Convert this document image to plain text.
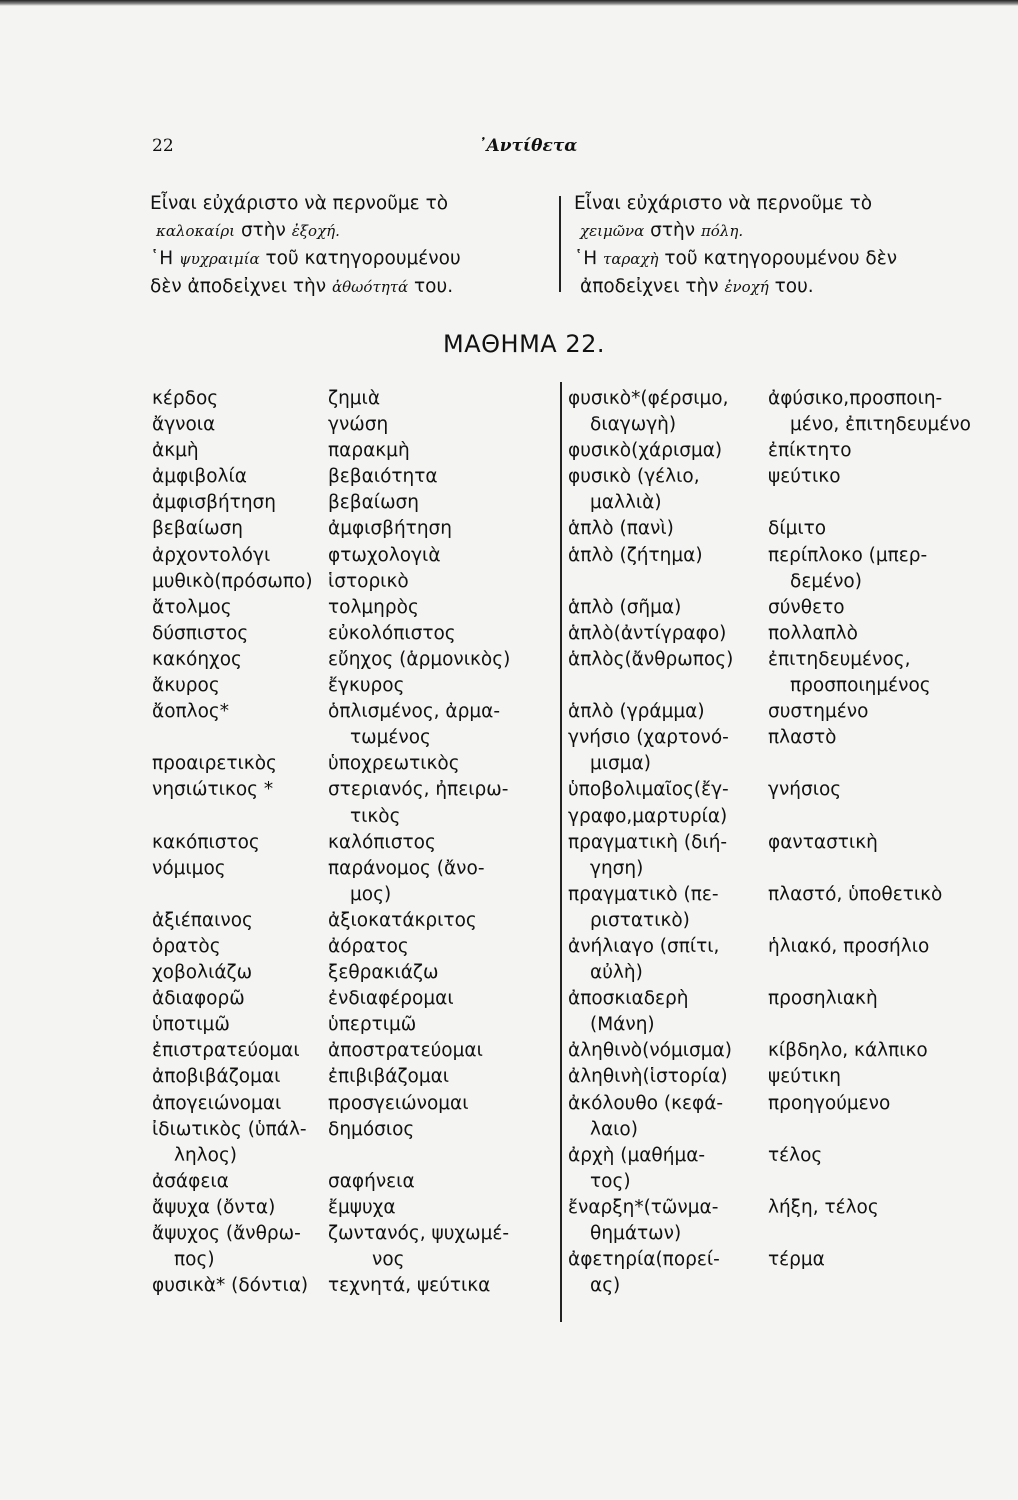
22	᾿Αντίθετα

Εἶναι εὐχάριστο νὰ περνοῦμε τὸ

καλοκαίρι στὴν ἐξοχή.

῾Η ψυχραιμία τοῦ κατηγορουμένου

δὲν ἀποδεἰχνει τὴν ἀθωότητά του.

Εἶναι εὐχάριστο νὰ περνοῦμε τὸ

χειμῶνα στὴν πόλη.

῾Η ταραχὴ τοῦ κατηγορουμένου δὲν

ἀποδεἰχνει τὴν ἐνοχή του.

ΜΑΘΗΜΑ 22.
κέρδος	ζημιὰ
ἄγνοια	γνώση
ἀκμὴ	παρακμὴ
ἀμφιβολία	βεβαιότητα
ἀμφισβήτηση	βεβαίωση
βεβαίωση	ἀμφισβήτηση
ἀρχοντολόγι	φτωχολογιὰ
μυθικὸ(πρόσωπο) ἱστορικὸ
ἄτολμος	τολμηρὸς
δύσπιστος	εὐκολόπιστος
κακόηχος	εὔηχος (ἁρμονικὸς)
ἄκυρος	ἔγκυρος
ἄοπλος*	ὁπλισμένος, ἀρμα-
τωμένος
προαιρετικὸς	ὑποχρεωτικὸς
νησιώτικος *	στεριανός, ἠπειρω-
τικὸς
κακόπιστος	καλόπιστος
νόμιμος	παράνομος (ἄνο-
μος)
ἀξιέπαινος	ἀξιοκατάκριτος
ὁρατὸς	ἀόρατος
χοβολιάζω	ξεθρακιάζω
ἀδιαφορῶ	ἐνδιαφέρομαι
ὑποτιμῶ	ὑπερτιμῶ
ἐπιστρατεύομαι	ἀποστρατεύομαι
ἀποβιβάζομαι	ἐπιβιβάζομαι
ἀπογειώνομαι	προσγειώνομαι
ἰδιωτικὸς (ὑπάλ-	δημόσιος
ληλος)
ἀσάφεια	σαφήνεια
ἄψυχα (ὄντα)	ἔμψυχα
ἄψυχος (ἄνθρω-	ζωντανός, ψυχωμέ-
πος)	νος
φυσικὰ* (δόντια)	τεχνητά, ψεύτικα
φυσικὸ*(φέρσιμο,	ἀφύσικο,προσποιη-
διαγωγὴ)	μένο, ἐπιτηδευμένο
φυσικὸ(χάρισμα)	ἐπίκτητο
φυσικὸ (γέλιο,	ψεύτικο
μαλλιὰ)
ἁπλὸ (πανὶ)	δίμιτο
ἁπλὸ (ζήτημα)	περίπλοκο (μπερ-
δεμένο)
ἁπλὸ (σῆμα)	σύνθετο
ἁπλὸ(ἀντίγραφο)	πολλαπλὸ
ἁπλὸς(ἄνθρωπος)	ἐπιτηδευμένος,
προσποιημένος
ἁπλὸ (γράμμα)	συστημένο
γνήσιο (χαρτονό-	πλαστὸ
μισμα)
ὑποβολιμαῖος(ἔγ-	γνήσιος
γραφο,μαρτυρία)
πραγματικὴ (διή-	φανταστικὴ
γηση)
πραγματικὸ (πε-	πλαστό, ὑποθετικὸ
ριστατικὸ)
ἀνήλιαγο (σπίτι,	ἡλιακό, προσήλιο
αὐλὴ)
ἀποσκιαδερὴ	προσηλιακὴ
(Μάνη)
ἀληθινὸ(νόμισμα)	κίβδηλο, κάλπικο
ἀληθινὴ(ἱστορία)	ψεύτικη
ἀκόλουθο (κεφά-	προηγούμενο
λαιο)
ἀρχὴ (μαθήμα-	τέλος
τος)
ἔναρξη*(τῶνμα-	λήξη, τέλος
θημάτων)
ἀφετηρία(πορεί-	τέρμα
ας)
